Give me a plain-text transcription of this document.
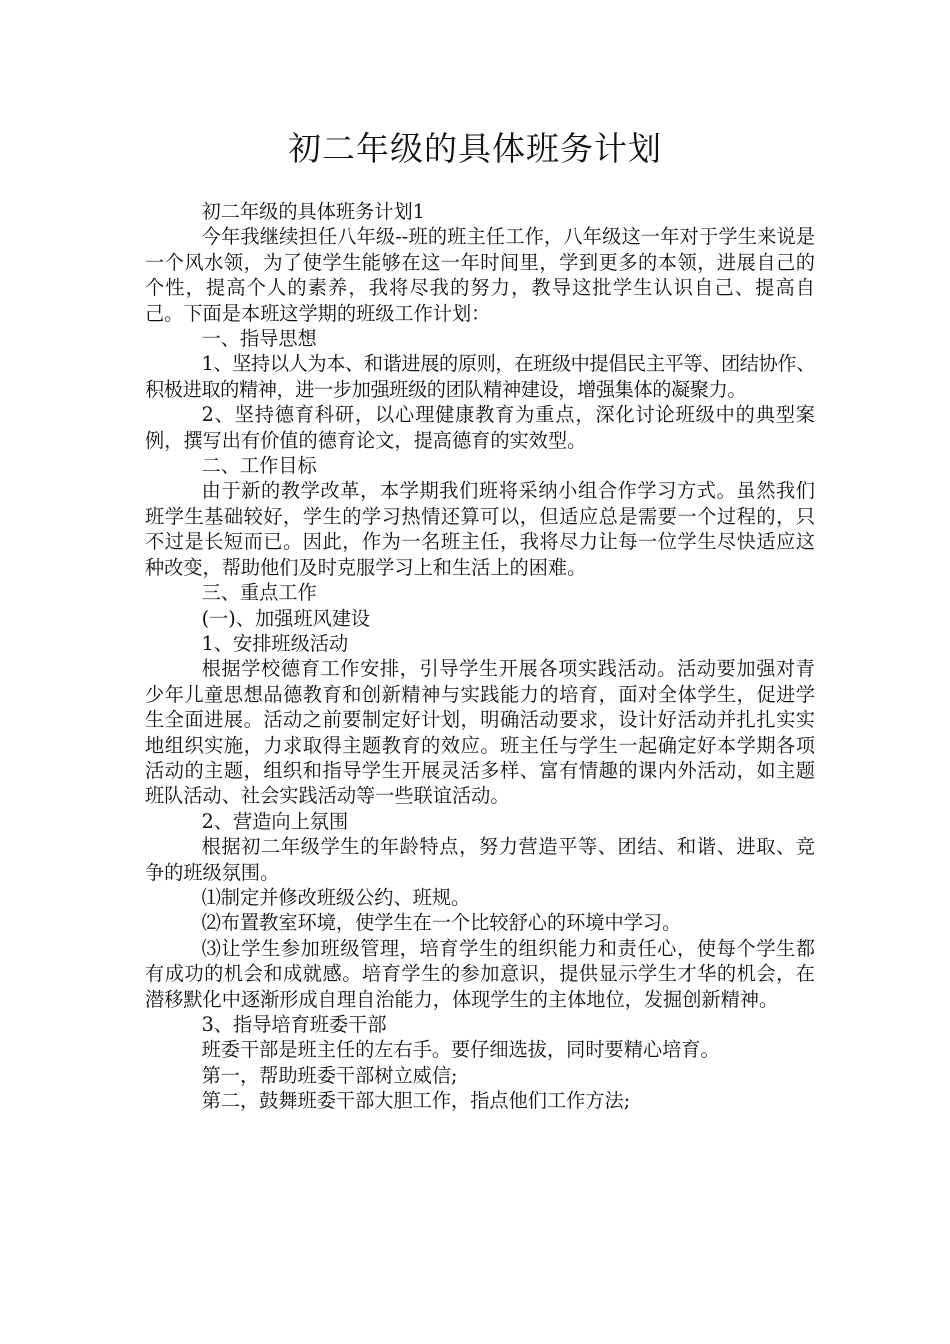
初二年级的具体班务计划

初二年级的具体班务计划1

今年我继续担任八年级--班的班主任工作，八年级这一年对于学生来说是一个风水领，为了使学生能够在这一年时间里，学到更多的本领，进展自己的个性，提高个人的素养，我将尽我的努力，教导这批学生认识自己、提高自己。下面是本班这学期的班级工作计划：

一、指导思想

1、坚持以人为本、和谐进展的原则，在班级中提倡民主平等、团结协作、积极进取的精神，进一步加强班级的团队精神建设，增强集体的凝聚力。

2、坚持德育科研，以心理健康教育为重点，深化讨论班级中的典型案例，撰写出有价值的德育论文，提高德育的实效型。

二、工作目标

由于新的教学改革，本学期我们班将采纳小组合作学习方式。虽然我们班学生基础较好，学生的学习热情还算可以，但适应总是需要一个过程的，只不过是长短而已。因此，作为一名班主任，我将尽力让每一位学生尽快适应这种改变，帮助他们及时克服学习上和生活上的困难。

三、重点工作

(一)、加强班风建设

1、安排班级活动

根据学校德育工作安排，引导学生开展各项实践活动。活动要加强对青少年儿童思想品德教育和创新精神与实践能力的培育，面对全体学生，促进学生全面进展。活动之前要制定好计划，明确活动要求，设计好活动并扎扎实实地组织实施，力求取得主题教育的效应。班主任与学生一起确定好本学期各项活动的主题，组织和指导学生开展灵活多样、富有情趣的课内外活动，如主题班队活动、社会实践活动等一些联谊活动。

2、营造向上氛围

根据初二年级学生的年龄特点，努力营造平等、团结、和谐、进取、竞争的班级氛围。

⑴制定并修改班级公约、班规。

⑵布置教室环境，使学生在一个比较舒心的环境中学习。

⑶让学生参加班级管理，培育学生的组织能力和责任心，使每个学生都有成功的机会和成就感。培育学生的参加意识，提供显示学生才华的机会，在潜移默化中逐渐形成自理自治能力，体现学生的主体地位，发掘创新精神。

3、指导培育班委干部

班委干部是班主任的左右手。要仔细选拔，同时要精心培育。

第一，帮助班委干部树立威信;

第二，鼓舞班委干部大胆工作，指点他们工作方法;
